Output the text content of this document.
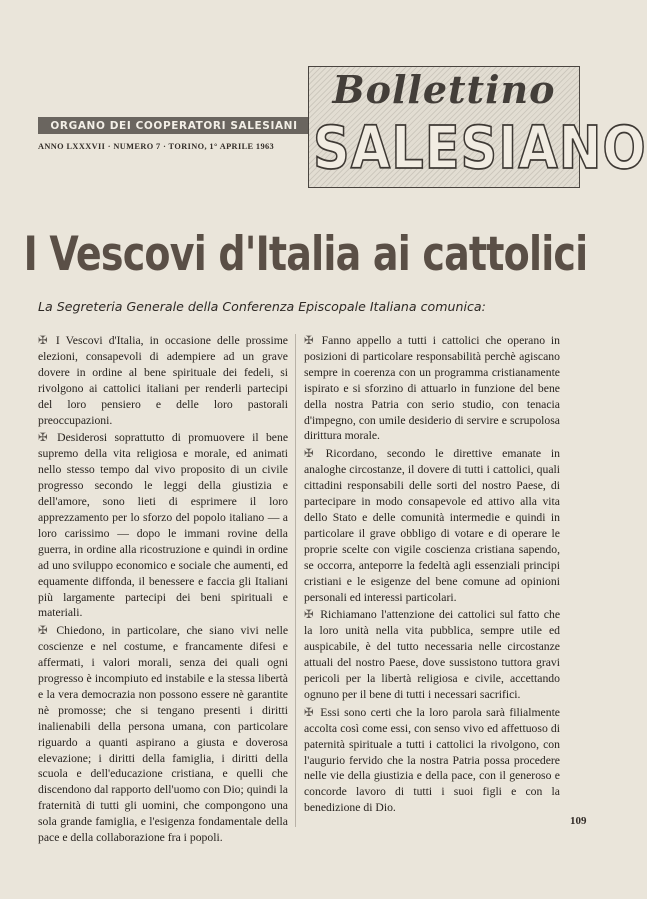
ORGANO DEI COOPERATORI SALESIANI
ANNO LXXXVII · NUMERO 7 · TORINO, 1° APRILE 1963
Bollettino
SALESIANO
I Vescovi d'Italia ai cattolici
La Segreteria Generale della Conferenza Episcopale Italiana comunica:

✠ I Vescovi d'Italia, in occasione delle prossime elezioni, consapevoli di adempiere ad un grave dovere in ordine al bene spirituale dei fedeli, si rivolgono ai cattolici italiani per renderli partecipi del loro pensiero e delle loro pastorali preoccupazioni.

✠ Desiderosi soprattutto di promuovere il bene supremo della vita religiosa e morale, ed animati nello stesso tempo dal vivo proposito di un civile progresso secondo le leggi della giustizia e dell'amore, sono lieti di esprimere il loro apprezzamento per lo sforzo del popolo italiano — a loro carissimo — dopo le immani rovine della guerra, in ordine alla ricostruzione e quindi in ordine ad uno sviluppo economico e sociale che aumenti, ed equamente diffonda, il benessere e faccia gli Italiani più largamente partecipi dei beni spirituali e materiali.

✠ Chiedono, in particolare, che siano vivi nelle coscienze e nel costume, e francamente difesi e affermati, i valori morali, senza dei quali ogni progresso è incompiuto ed instabile e la stessa libertà e la vera democrazia non possono essere nè garantite nè promosse; che si tengano presenti i diritti inalienabili della persona umana, con particolare riguardo a quanti aspirano a giusta e doverosa elevazione; i diritti della famiglia, i diritti della scuola e dell'educazione cristiana, e quelli che discendono dal rapporto dell'uomo con Dio; quindi la fraternità di tutti gli uomini, che compongono una sola grande famiglia, e l'esigenza fondamentale della pace e della collaborazione fra i popoli.

✠ Fanno appello a tutti i cattolici che operano in posizioni di particolare responsabilità perchè agiscano sempre in coerenza con un programma cristianamente ispirato e si sforzino di attuarlo in funzione del bene della nostra Patria con serio studio, con tenacia d'impegno, con umile desiderio di servire e scrupolosa dirittura morale.

✠ Ricordano, secondo le direttive emanate in analoghe circostanze, il dovere di tutti i cattolici, quali cittadini responsabili delle sorti del nostro Paese, di partecipare in modo consapevole ed attivo alla vita dello Stato e delle comunità intermedie e quindi in particolare il grave obbligo di votare e di operare le proprie scelte con vigile coscienza cristiana sapendo, se occorra, anteporre la fedeltà agli essenziali principi cristiani e le esigenze del bene comune ad opinioni personali ed interessi particolari.

✠ Richiamano l'attenzione dei cattolici sul fatto che la loro unità nella vita pubblica, sempre utile ed auspicabile, è del tutto necessaria nelle circostanze attuali del nostro Paese, dove sussistono tuttora gravi pericoli per la libertà religiosa e civile, accettando ognuno per il bene di tutti i necessari sacrifici.

✠ Essi sono certi che la loro parola sarà filialmente accolta così come essi, con senso vivo ed affettuoso di paternità spirituale a tutti i cattolici la rivolgono, con l'augurio fervido che la nostra Patria possa procedere nelle vie della giustizia e della pace, con il generoso e concorde lavoro di tutti i suoi figli e con la benedizione di Dio.

109
